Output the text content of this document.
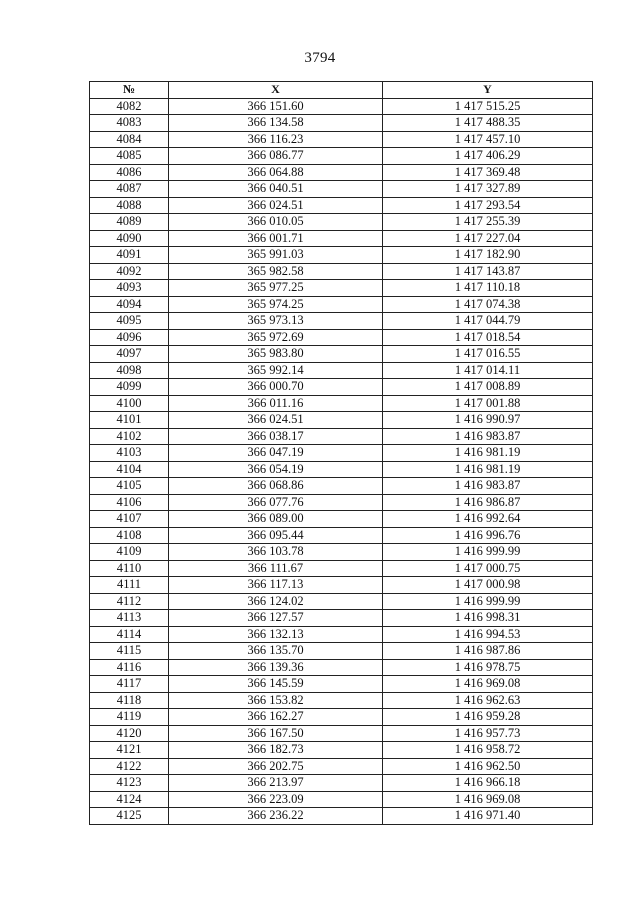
3794
№	X	Y
4082	366 151.60	1 417 515.25
4083	366 134.58	1 417 488.35
4084	366 116.23	1 417 457.10
4085	366 086.77	1 417 406.29
4086	366 064.88	1 417 369.48
4087	366 040.51	1 417 327.89
4088	366 024.51	1 417 293.54
4089	366 010.05	1 417 255.39
4090	366 001.71	1 417 227.04
4091	365 991.03	1 417 182.90
4092	365 982.58	1 417 143.87
4093	365 977.25	1 417 110.18
4094	365 974.25	1 417 074.38
4095	365 973.13	1 417 044.79
4096	365 972.69	1 417 018.54
4097	365 983.80	1 417 016.55
4098	365 992.14	1 417 014.11
4099	366 000.70	1 417 008.89
4100	366 011.16	1 417 001.88
4101	366 024.51	1 416 990.97
4102	366 038.17	1 416 983.87
4103	366 047.19	1 416 981.19
4104	366 054.19	1 416 981.19
4105	366 068.86	1 416 983.87
4106	366 077.76	1 416 986.87
4107	366 089.00	1 416 992.64
4108	366 095.44	1 416 996.76
4109	366 103.78	1 416 999.99
4110	366 111.67	1 417 000.75
4111	366 117.13	1 417 000.98
4112	366 124.02	1 416 999.99
4113	366 127.57	1 416 998.31
4114	366 132.13	1 416 994.53
4115	366 135.70	1 416 987.86
4116	366 139.36	1 416 978.75
4117	366 145.59	1 416 969.08
4118	366 153.82	1 416 962.63
4119	366 162.27	1 416 959.28
4120	366 167.50	1 416 957.73
4121	366 182.73	1 416 958.72
4122	366 202.75	1 416 962.50
4123	366 213.97	1 416 966.18
4124	366 223.09	1 416 969.08
4125	366 236.22	1 416 971.40
